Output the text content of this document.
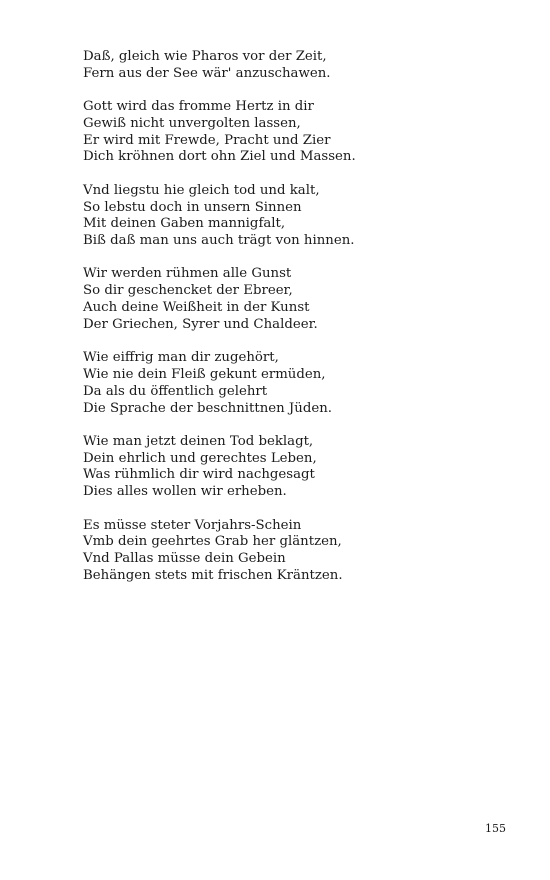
Daß, gleich wie Pharos vor der Zeit,
Fern aus der See wär' anzuschawen.
Gott wird das fromme Hertz in dir
Gewiß nicht unvergolten lassen,
Er wird mit Frewde, Pracht und Zier
Dich kröhnen dort ohn Ziel und Massen.
Vnd liegstu hie gleich tod und kalt,
So lebstu doch in unsern Sinnen
Mit deinen Gaben mannigfalt,
Biß daß man uns auch trägt von hinnen.
Wir werden rühmen alle Gunst
So dir geschencket der Ebreer,
Auch deine Weißheit in der Kunst
Der Griechen, Syrer und Chaldeer.
Wie eiffrig man dir zugehört,
Wie nie dein Fleiß gekunt ermüden,
Da als du öffentlich gelehrt
Die Sprache der beschnittnen Jüden.
Wie man jetzt deinen Tod beklagt,
Dein ehrlich und gerechtes Leben,
Was rühmlich dir wird nachgesagt
Dies alles wollen wir erheben.
Es müsse steter Vorjahrs-Schein
Vmb dein geehrtes Grab her gläntzen,
Vnd Pallas müsse dein Gebein
Behängen stets mit frischen Kräntzen.
155
